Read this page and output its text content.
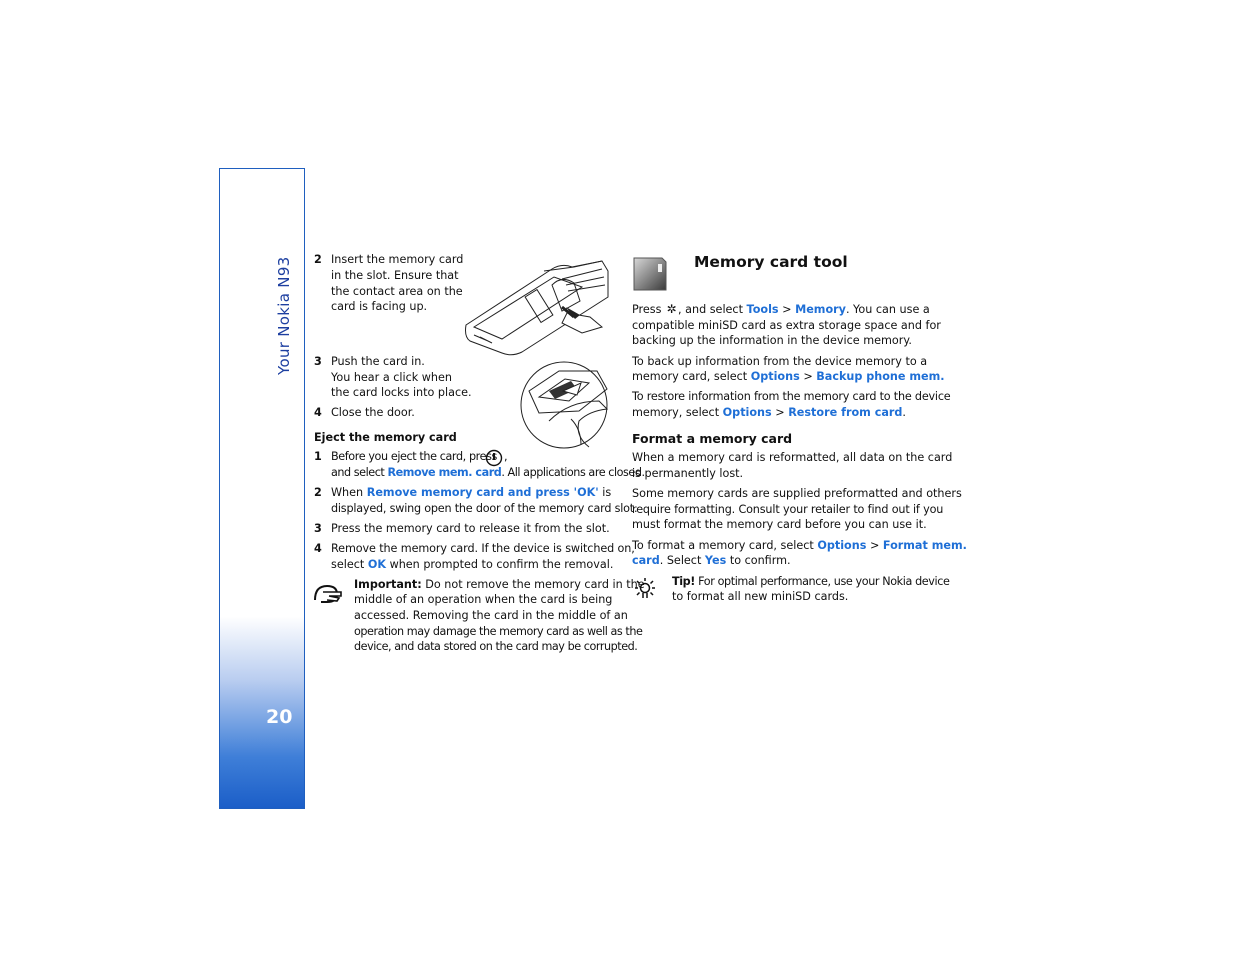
Your Nokia N93
20
2 Insert the memory card
in the slot. Ensure that
the contact area on the
card is facing up.
3 Push the card in.
You hear a click when
the card locks into place.
4 Close the door.
Eject the memory card
1 Before you eject the card, press ,
and select Remove mem. card. All applications are closed.
2 When Remove memory card and press 'OK' is
displayed, swing open the door of the memory card slot.
3 Press the memory card to release it from the slot.
4 Remove the memory card. If the device is switched on,
select OK when prompted to confirm the removal.
Important: Do not remove the memory card in the
middle of an operation when the card is being
accessed. Removing the card in the middle of an
operation may damage the memory card as well as the
device, and data stored on the card may be corrupted.
Memory card tool
Press ✲, and select Tools > Memory. You can use a
compatible miniSD card as extra storage space and for
backing up the information in the device memory.
To back up information from the device memory to a
memory card, select Options > Backup phone mem.
To restore information from the memory card to the device
memory, select Options > Restore from card.
Format a memory card
When a memory card is reformatted, all data on the card
is permanently lost.
Some memory cards are supplied preformatted and others
require formatting. Consult your retailer to find out if you
must format the memory card before you can use it.
To format a memory card, select Options > Format mem.
card. Select Yes to confirm.
Tip! For optimal performance, use your Nokia device
to format all new miniSD cards.
